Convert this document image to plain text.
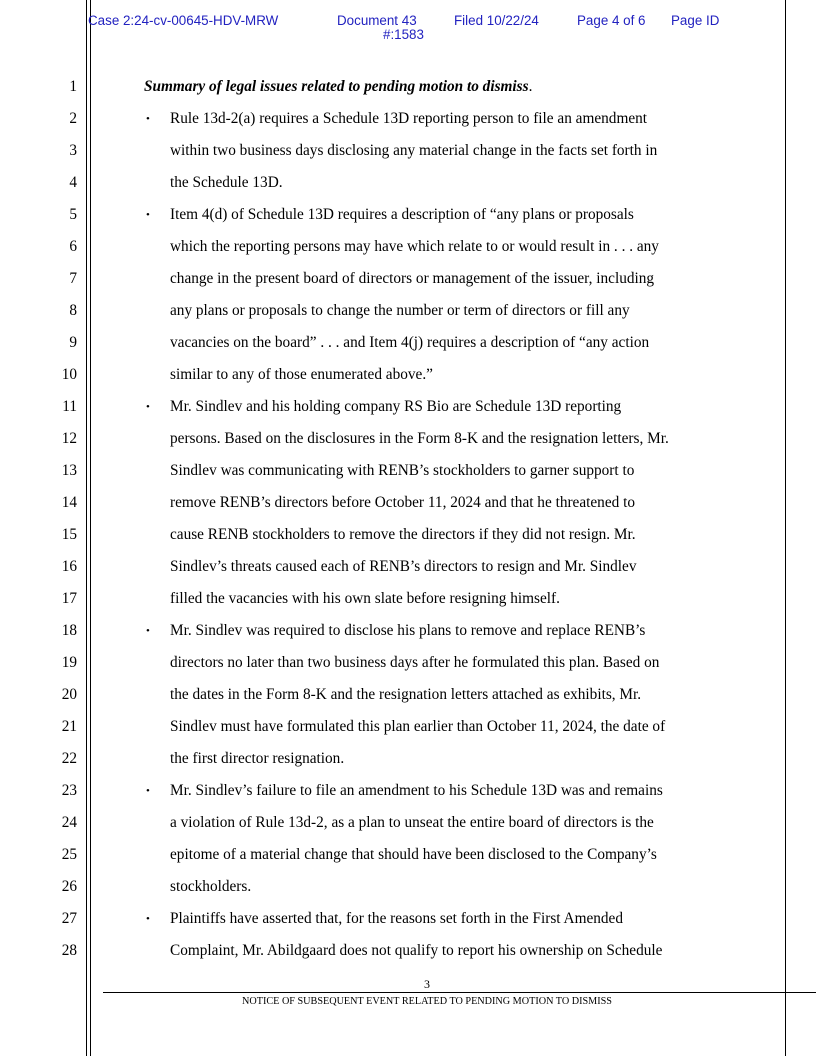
Case 2:24-cv-00645-HDV-MRW	Document 43	Filed 10/22/24	Page 4 of 6 Page ID
#:1583
1
2
3
4
5
6
7
8
9
10
11
12
13
14
15
16
17
18
19
20
21
22
23
24
25
26
27
28
Summary of legal issues related to pending motion to dismiss.
• Rule 13d-2(a) requires a Schedule 13D reporting person to file an amendment
within two business days disclosing any material change in the facts set forth in
the Schedule 13D.
• Item 4(d) of Schedule 13D requires a description of “any plans or proposals
which the reporting persons may have which relate to or would result in . . . any
change in the present board of directors or management of the issuer, including
any plans or proposals to change the number or term of directors or fill any
vacancies on the board” . . . and Item 4(j) requires a description of “any action
similar to any of those enumerated above.”
• Mr. Sindlev and his holding company RS Bio are Schedule 13D reporting
persons. Based on the disclosures in the Form 8-K and the resignation letters, Mr.
Sindlev was communicating with RENB’s stockholders to garner support to
remove RENB’s directors before October 11, 2024 and that he threatened to
cause RENB stockholders to remove the directors if they did not resign. Mr.
Sindlev’s threats caused each of RENB’s directors to resign and Mr. Sindlev
filled the vacancies with his own slate before resigning himself.
• Mr. Sindlev was required to disclose his plans to remove and replace RENB’s
directors no later than two business days after he formulated this plan. Based on
the dates in the Form 8-K and the resignation letters attached as exhibits, Mr.
Sindlev must have formulated this plan earlier than October 11, 2024, the date of
the first director resignation.
• Mr. Sindlev’s failure to file an amendment to his Schedule 13D was and remains
a violation of Rule 13d-2, as a plan to unseat the entire board of directors is the
epitome of a material change that should have been disclosed to the Company’s
stockholders.
• Plaintiffs have asserted that, for the reasons set forth in the First Amended
Complaint, Mr. Abildgaard does not qualify to report his ownership on Schedule
3
NOTICE OF SUBSEQUENT EVENT RELATED TO PENDING MOTION TO DISMISS
